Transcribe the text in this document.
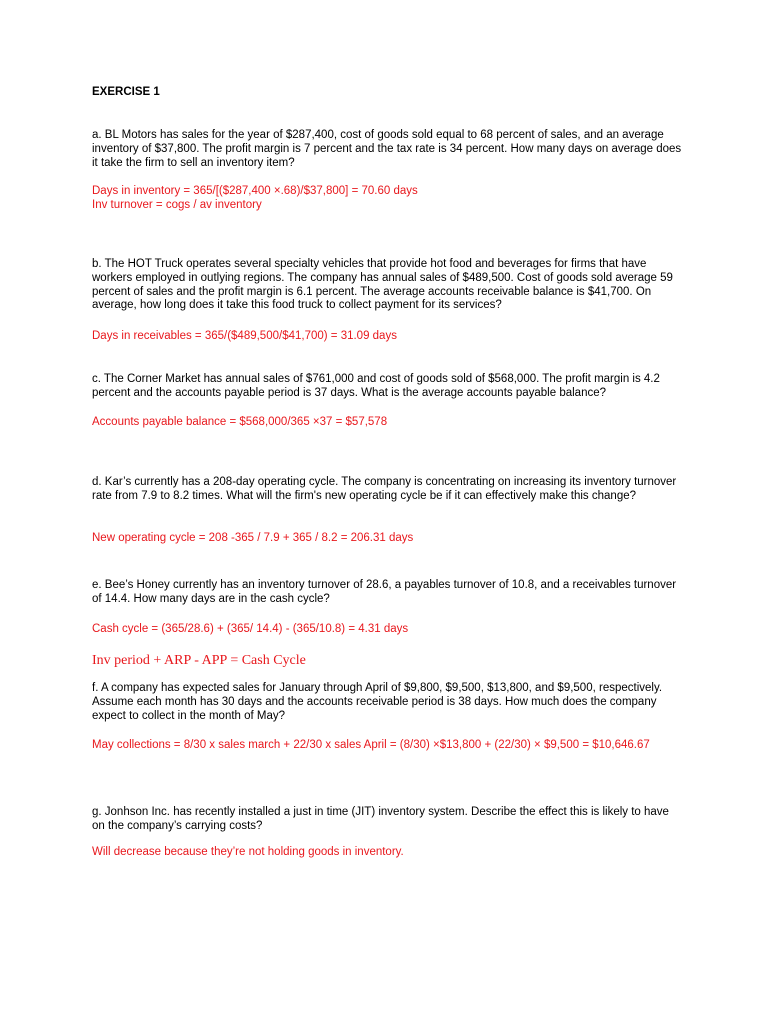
EXERCISE 1
a. BL Motors has sales for the year of $287,400, cost of goods sold equal to 68 percent of sales, and an average inventory of $37,800. The profit margin is 7 percent and the tax rate is 34 percent. How many days on average does it take the firm to sell an inventory item?
Days in inventory = 365/[($287,400 ×.68)/$37,800] = 70.60 days
Inv turnover = cogs / av inventory
b. The HOT Truck operates several specialty vehicles that provide hot food and beverages for firms that have workers employed in outlying regions. The company has annual sales of $489,500. Cost of goods sold average 59 percent of sales and the profit margin is 6.1 percent. The average accounts receivable balance is $41,700. On average, how long does it take this food truck to collect payment for its services?
Days in receivables = 365/($489,500/$41,700) = 31.09 days
c. The Corner Market has annual sales of $761,000 and cost of goods sold of $568,000. The profit margin is 4.2 percent and the accounts payable period is 37 days. What is the average accounts payable balance?
Accounts payable balance = $568,000/365 ×37 = $57,578
d. Kar’s currently has a 208-day operating cycle. The company is concentrating on increasing its inventory turnover rate from 7.9 to 8.2 times. What will the firm's new operating cycle be if it can effectively make this change?
New operating cycle = 208 -365 / 7.9 + 365 / 8.2 = 206.31 days
e. Bee’s Honey currently has an inventory turnover of 28.6, a payables turnover of 10.8, and a receivables turnover of 14.4. How many days are in the cash cycle?
Cash cycle = (365/28.6) + (365/ 14.4) - (365/10.8) = 4.31 days
Inv period + ARP - APP = Cash Cycle
f. A company has expected sales for January through April of $9,800, $9,500, $13,800, and $9,500, respectively. Assume each month has 30 days and the accounts receivable period is 38 days. How much does the company expect to collect in the month of May?
May collections = 8/30 x sales march + 22/30 x sales April = (8/30) ×$13,800 + (22/30) × $9,500 = $10,646.67
g. Jonhson Inc. has recently installed a just in time (JIT) inventory system. Describe the effect this is likely to have on the company’s carrying costs?
Will decrease because they’re not holding goods in inventory.
